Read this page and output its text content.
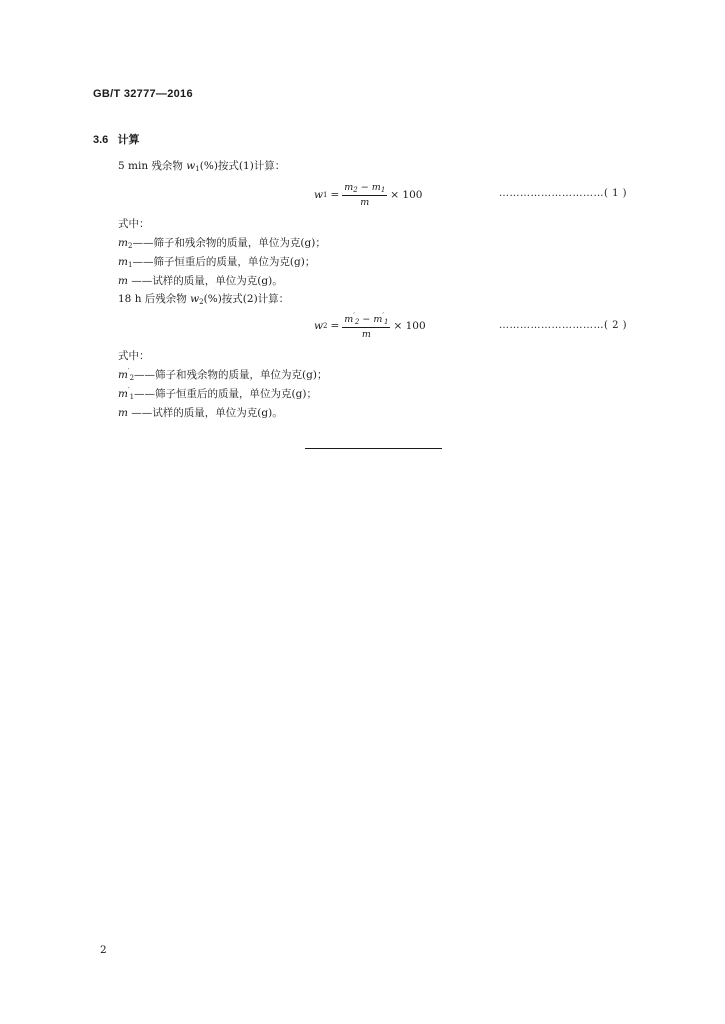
GB/T 32777—2016
3.6 计算
5 min 残余物 $w_1(\%)$按式(1)计算：
w $1 = \frac{m_2 - m_1}{m} \times 100$	…………………………( 1 )
式中：
$m_2——$筛子和残余物的质量，单位为克(g)；
$m_1——$筛子恒重后的质量，单位为克(g)；
m ——试样的质量，单位为克(g)。
18 h 后残余物 $w_2(\%)$按式(2)计算：
w $2 = \frac{m'_2 - m'_1}{m} \times 100$	…………………………( 2 )
式中：
$m'_2——$筛子和残余物的质量，单位为克(g)；
$m'_1——$筛子恒重后的质量，单位为克(g)；
m ——试样的质量，单位为克(g)。
2
